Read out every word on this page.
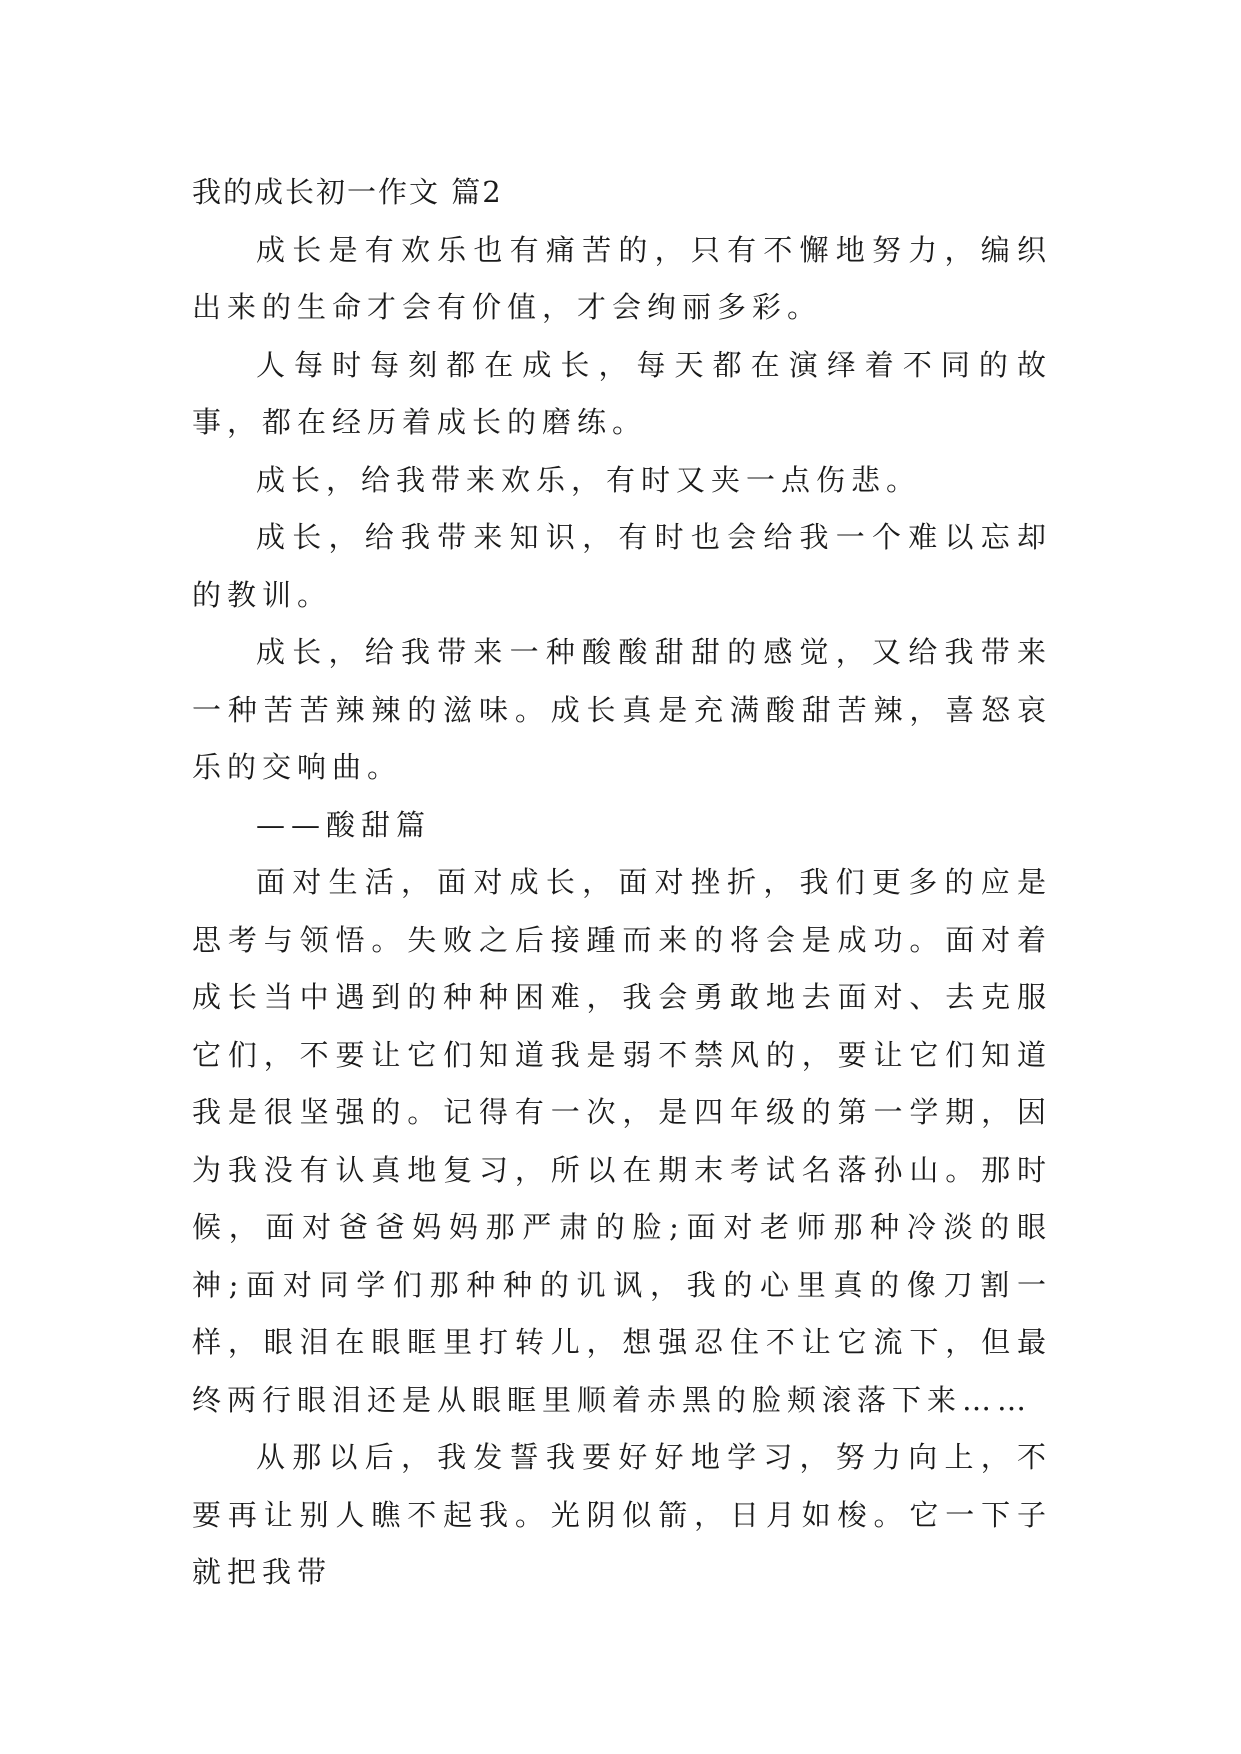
我的成长初一作文 篇2

成长是有欢乐也有痛苦的，只有不懈地努力，编织出来的生命才会有价值，才会绚丽多彩。

人每时每刻都在成长，每天都在演绎着不同的故事，都在经历着成长的磨练。

成长，给我带来欢乐，有时又夹一点伤悲。

成长，给我带来知识，有时也会给我一个难以忘却的教训。

成长，给我带来一种酸酸甜甜的感觉，又给我带来一种苦苦辣辣的滋味。成长真是充满酸甜苦辣，喜怒哀乐的交响曲。

——酸甜篇

面对生活，面对成长，面对挫折，我们更多的应是思考与领悟。失败之后接踵而来的将会是成功。面对着成长当中遇到的种种困难，我会勇敢地去面对、去克服它们，不要让它们知道我是弱不禁风的，要让它们知道我是很坚强的。记得有一次，是四年级的第一学期，因为我没有认真地复习，所以在期末考试名落孙山。那时候，面对爸爸妈妈那严肃的脸;面对老师那种冷淡的眼神;面对同学们那种种的讥讽，我的心里真的像刀割一样，眼泪在眼眶里打转儿，想强忍住不让它流下，但最终两行眼泪还是从眼眶里顺着赤黑的脸颊滚落下来……

从那以后，我发誓我要好好地学习，努力向上，不要再让别人瞧不起我。光阴似箭，日月如梭。它一下子就把我带
